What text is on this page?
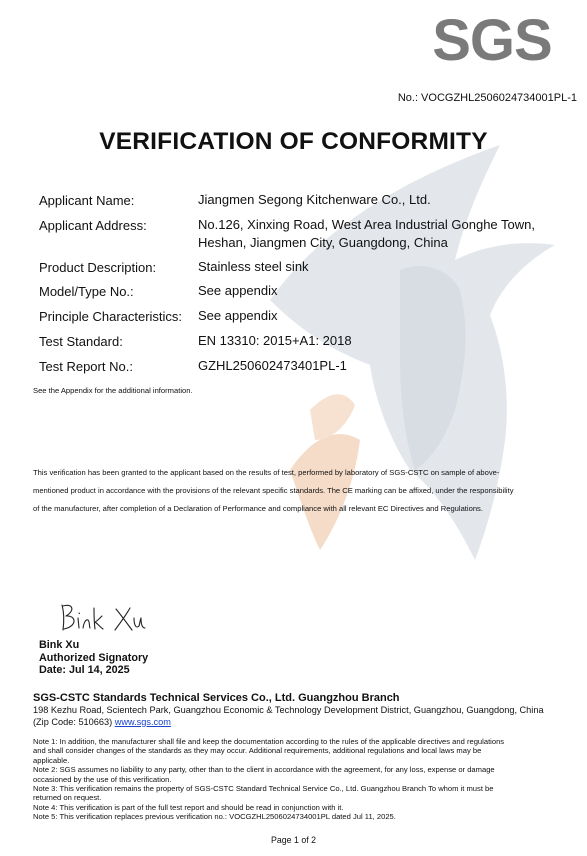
SGS
No.: VOCGZHL2506024734001PL-1
VERIFICATION OF CONFORMITY
Applicant Name:	Jiangmen Segong Kitchenware Co., Ltd.
Applicant Address:	No.126, Xinxing Road, West Area Industrial Gonghe Town,
Heshan, Jiangmen City, Guangdong, China
Product Description:	Stainless steel sink
Model/Type No.:	See appendix
Principle Characteristics: See appendix
Test Standard:	EN 13310: 2015+A1: 2018
Test Report No.:	GZHL250602473401PL-1
See the Appendix for the additional information.
This verification has been granted to the applicant based on the results of test, performed by laboratory of SGS-CSTC on sample of above-
mentioned product in accordance with the provisions of the relevant specific standards. The CE marking can be affixed, under the responsibility
of the manufacturer, after completion of a Declaration of Performance and compliance with all relevant EC Directives and Regulations.
Bink Xu
Authorized Signatory
Date: Jul 14, 2025
SGS-CSTC Standards Technical Services Co., Ltd. Guangzhou Branch
198 Kezhu Road, Scientech Park, Guangzhou Economic & Technology Development District, Guangzhou, Guangdong, China
(Zip Code: 510663) www.sgs.com
Note 1: In addition, the manufacturer shall file and keep the documentation according to the rules of the applicable directives and regulations
and shall consider changes of the standards as they may occur. Additional requirements, additional regulations and local laws may be
applicable.
Note 2: SGS assumes no liability to any party, other than to the client in accordance with the agreement, for any loss, expense or damage
occasioned by the use of this verification.
Note 3: This verification remains the property of SGS-CSTC Standard Technical Service Co., Ltd. Guangzhou Branch To whom it must be
returned on request.
Note 4: This verification is part of the full test report and should be read in conjunction with it.
Note 5: This verification replaces previous verification no.: VOCGZHL2506024734001PL dated Jul 11, 2025.
Page 1 of 2
